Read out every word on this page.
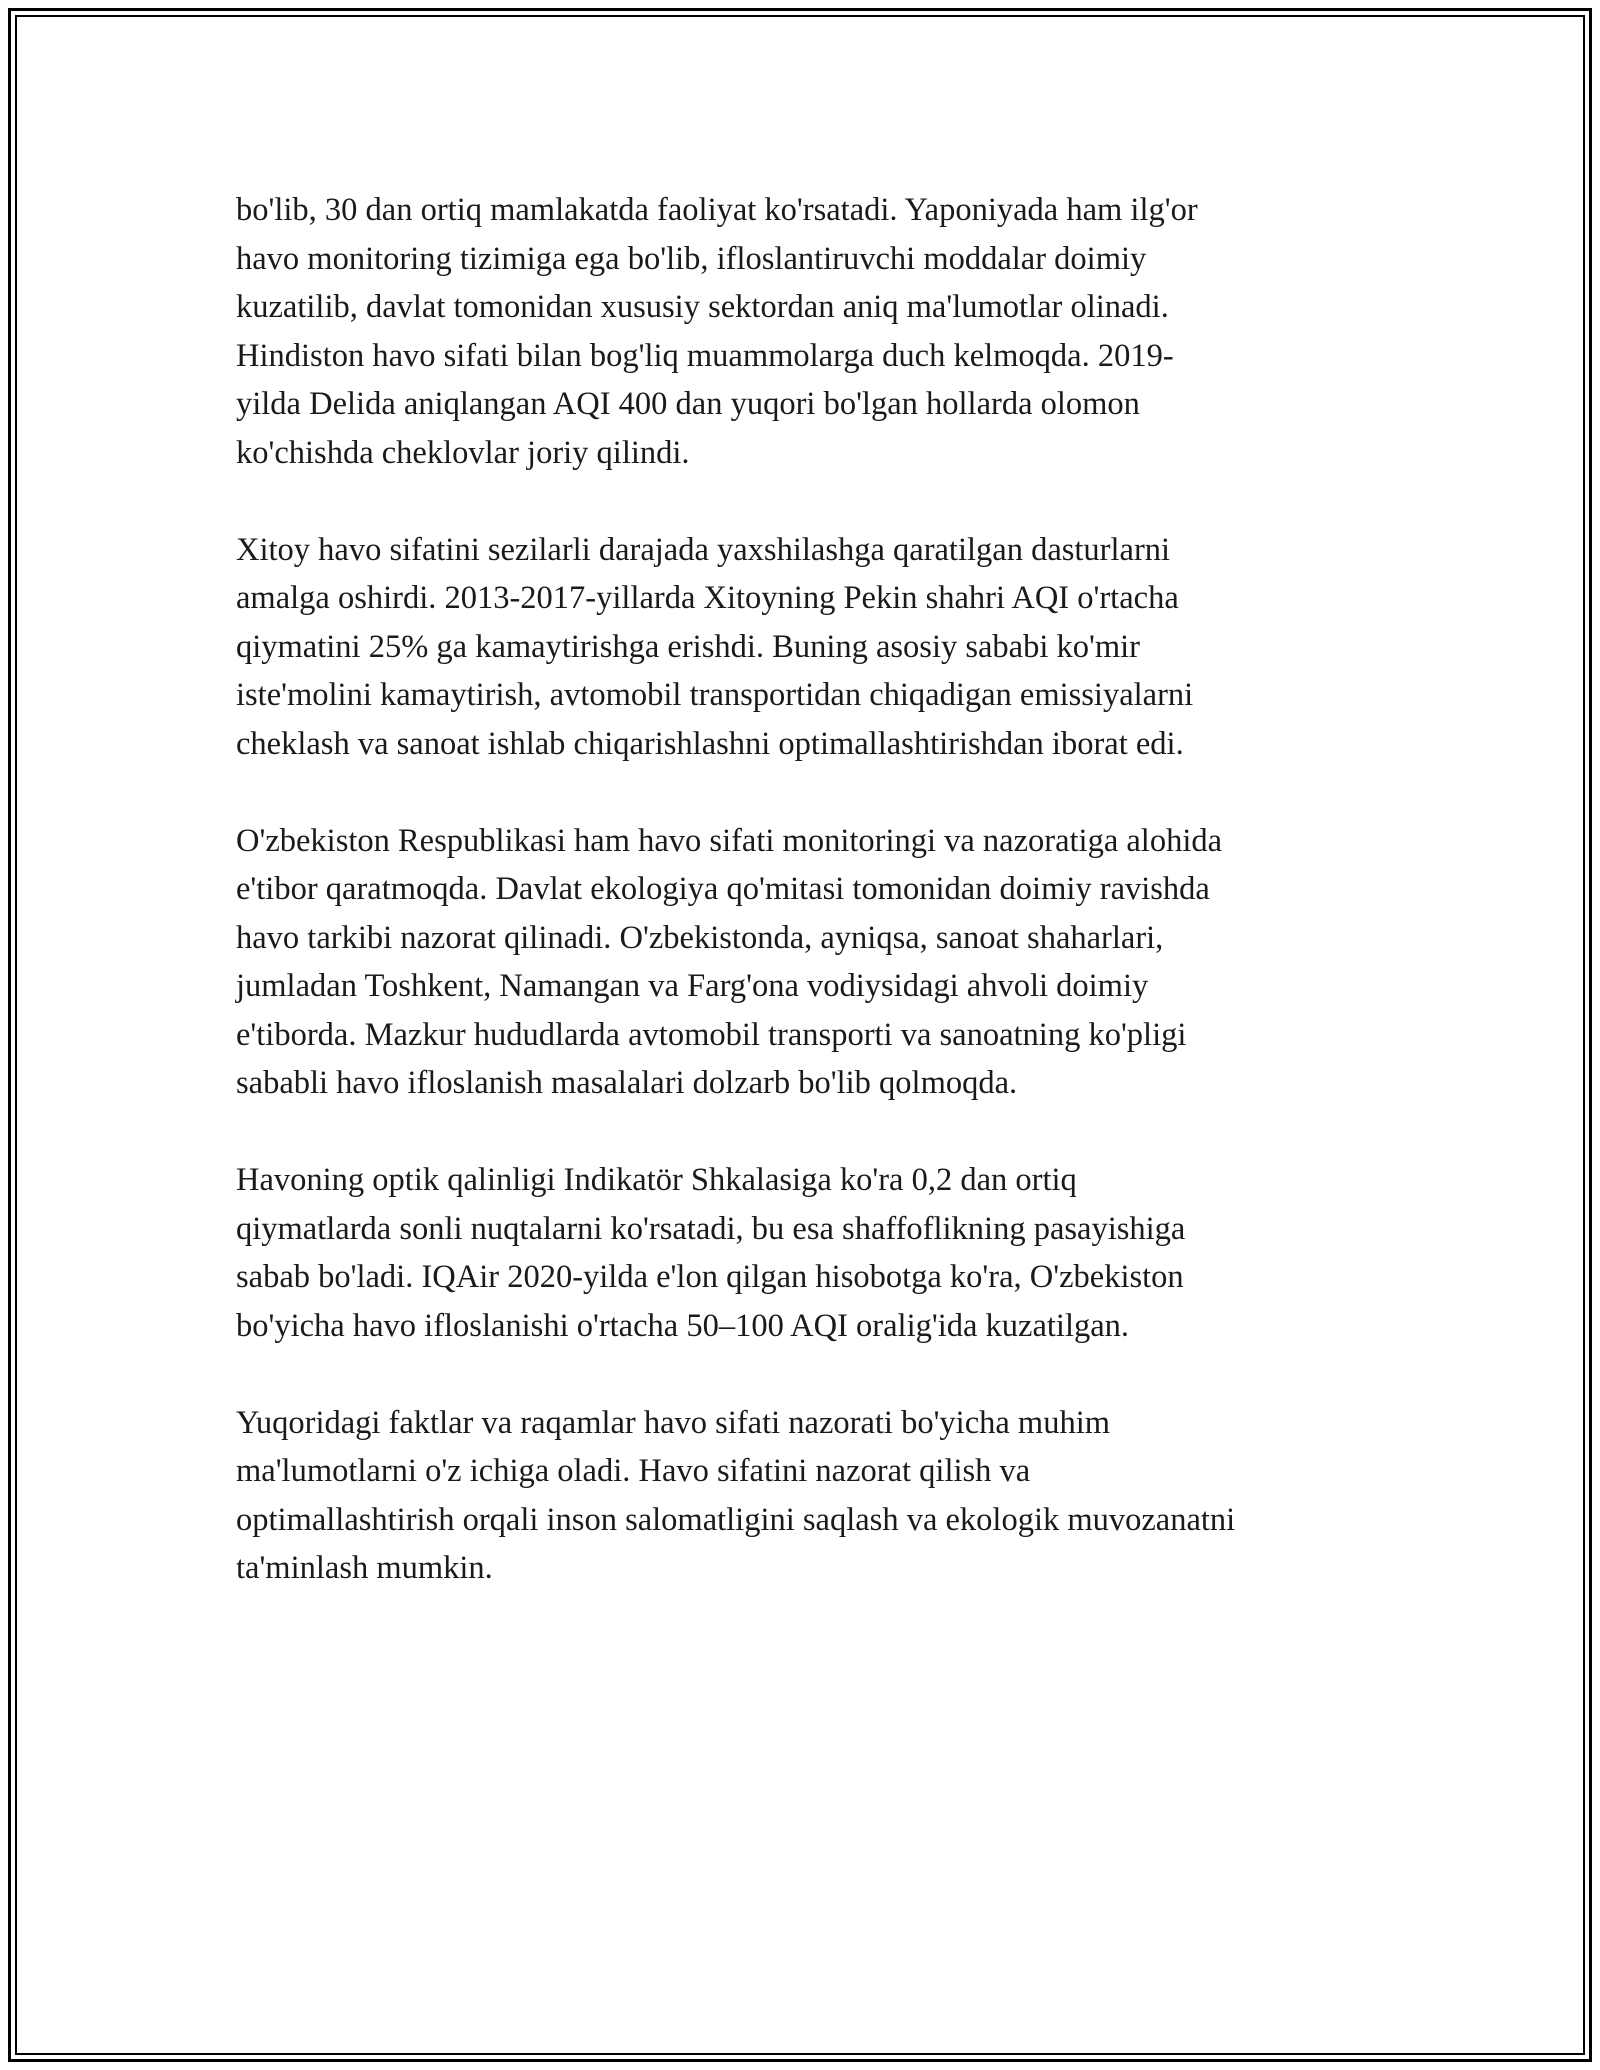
bo'lib, 30 dan ortiq mamlakatda faoliyat ko'rsatadi. Yaponiyada ham ilg'or
havo monitoring tizimiga ega bo'lib, ifloslantiruvchi moddalar doimiy
kuzatilib, davlat tomonidan xususiy sektordan aniq ma'lumotlar olinadi.
Hindiston havo sifati bilan bog'liq muammolarga duch kelmoqda. 2019-
yilda Delida aniqlangan AQI 400 dan yuqori bo'lgan hollarda olomon
ko'chishda cheklovlar joriy qilindi.

Xitoy havo sifatini sezilarli darajada yaxshilashga qaratilgan dasturlarni
amalga oshirdi. 2013-2017-yillarda Xitoyning Pekin shahri AQI o'rtacha
qiymatini 25% ga kamaytirishga erishdi. Buning asosiy sababi ko'mir
iste'molini kamaytirish, avtomobil transportidan chiqadigan emissiyalarni
cheklash va sanoat ishlab chiqarishlashni optimallashtirishdan iborat edi.

O'zbekiston Respublikasi ham havo sifati monitoringi va nazoratiga alohida
e'tibor qaratmoqda. Davlat ekologiya qo'mitasi tomonidan doimiy ravishda
havo tarkibi nazorat qilinadi. O'zbekistonda, ayniqsa, sanoat shaharlari,
jumladan Toshkent, Namangan va Farg'ona vodiysidagi ahvoli doimiy
e'tiborda. Mazkur hududlarda avtomobil transporti va sanoatning ko'pligi
sababli havo ifloslanish masalalari dolzarb bo'lib qolmoqda.

Havoning optik qalinligi Indikatör Shkalasiga ko'ra 0,2 dan ortiq
qiymatlarda sonli nuqtalarni ko'rsatadi, bu esa shaffoflikning pasayishiga
sabab bo'ladi. IQAir 2020-yilda e'lon qilgan hisobotga ko'ra, O'zbekiston
bo'yicha havo ifloslanishi o'rtacha 50–100 AQI oralig'ida kuzatilgan.

Yuqoridagi faktlar va raqamlar havo sifati nazorati bo'yicha muhim
ma'lumotlarni o'z ichiga oladi. Havo sifatini nazorat qilish va
optimallashtirish orqali inson salomatligini saqlash va ekologik muvozanatni
ta'minlash mumkin.
